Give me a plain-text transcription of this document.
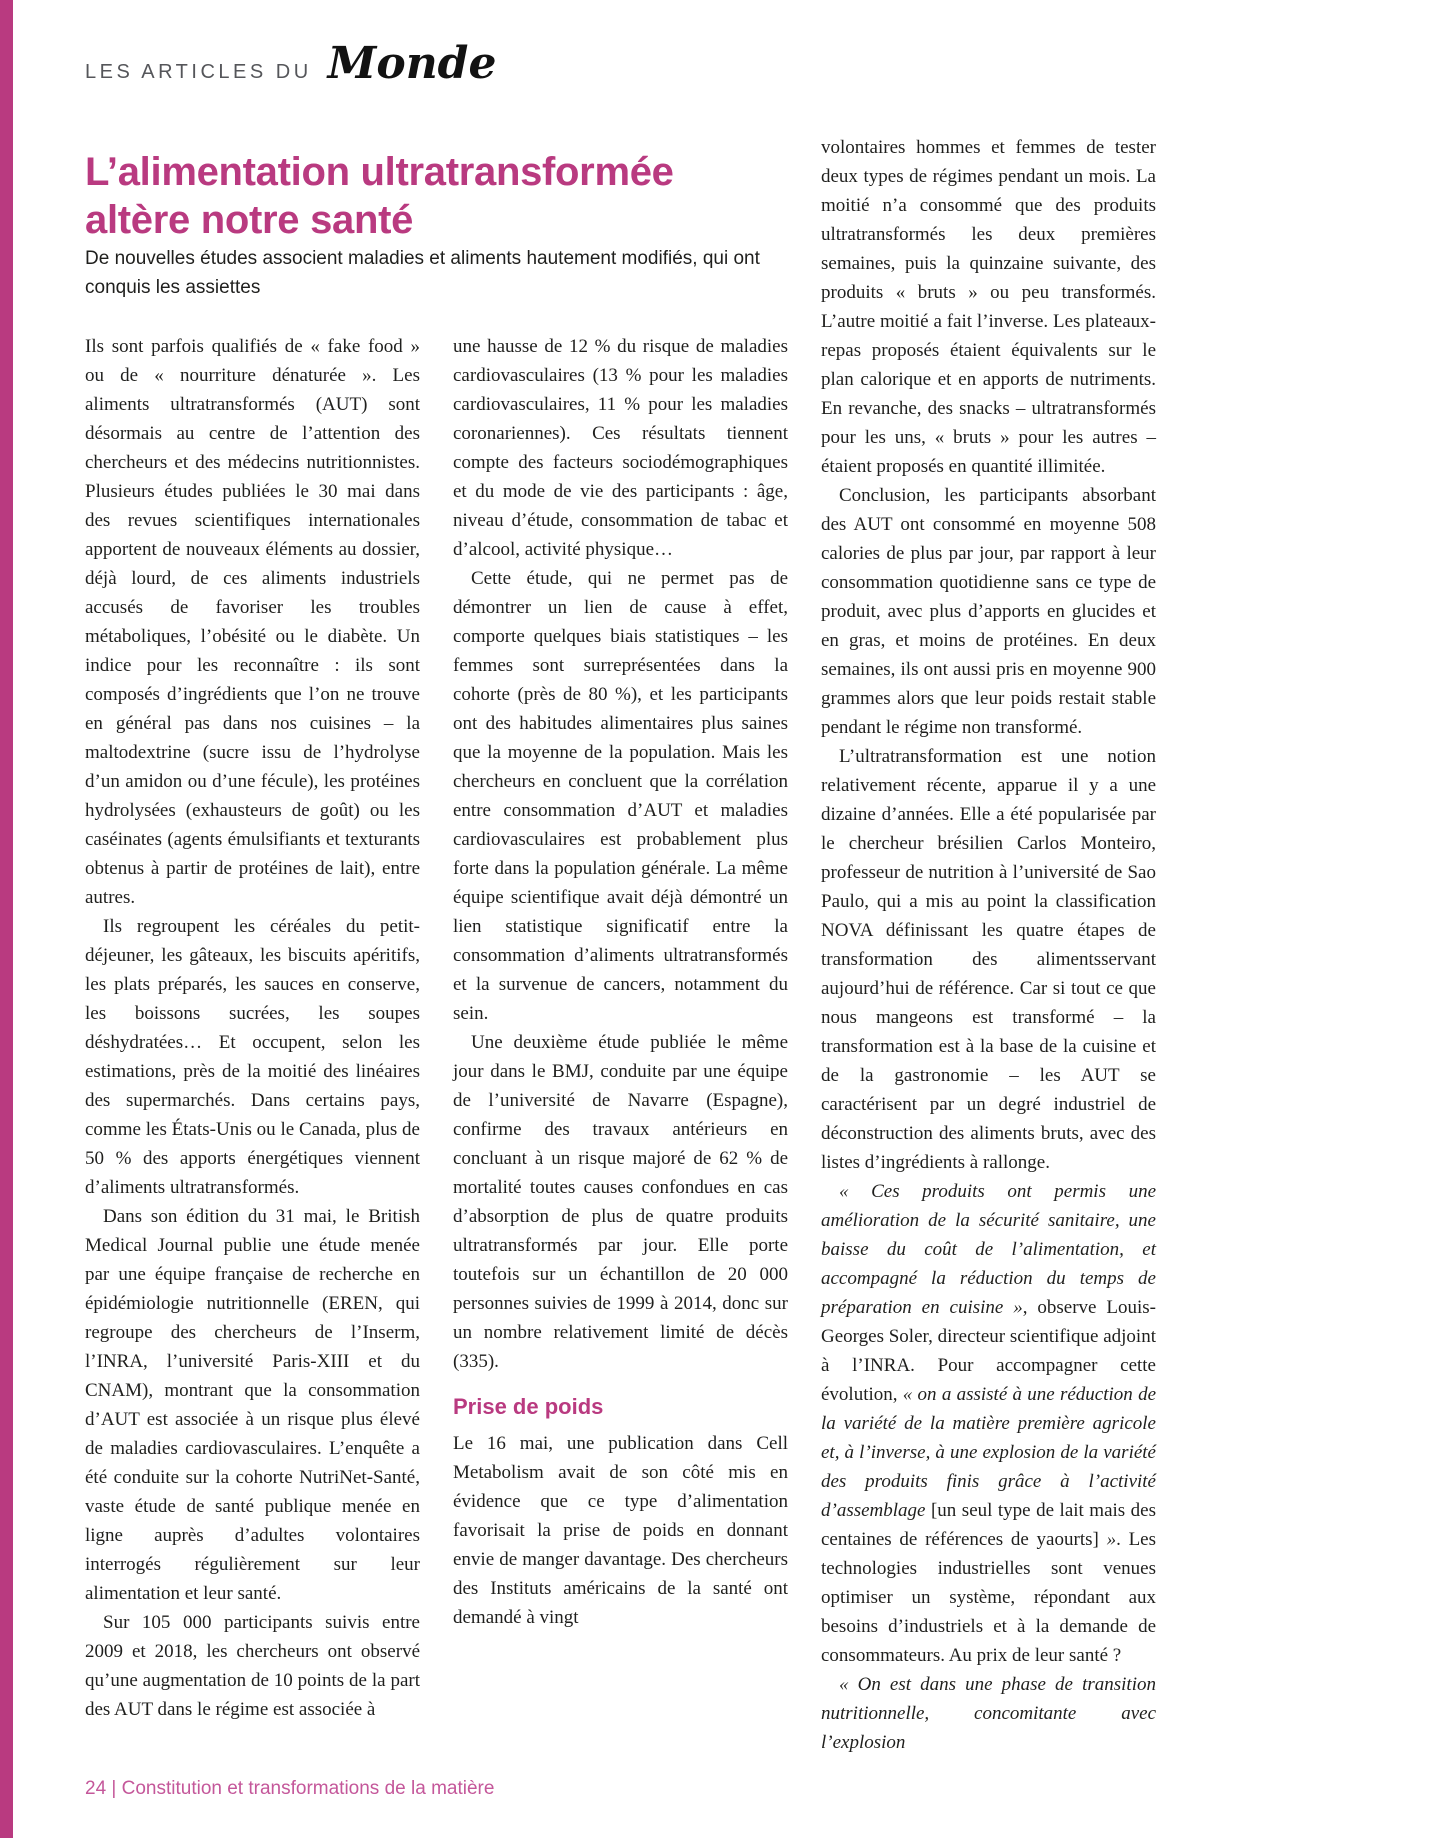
LES ARTICLES DU Monde
L’alimentation ultratransformée altère notre santé

De nouvelles études associent maladies et aliments hautement modifiés, qui ont conquis les assiettes

Ils sont parfois qualifiés de « fake food » ou de « nourriture dénaturée ». Les aliments ultratransformés (AUT) sont désormais au centre de l’attention des chercheurs et des médecins nutritionnistes. Plusieurs études publiées le 30 mai dans des revues scientifiques internationales apportent de nouveaux éléments au dossier, déjà lourd, de ces aliments industriels accusés de favoriser les troubles métaboliques, l’obésité ou le diabète. Un indice pour les reconnaître : ils sont composés d’ingrédients que l’on ne trouve en général pas dans nos cuisines – la maltodextrine (sucre issu de l’hydrolyse d’un amidon ou d’une fécule), les protéines hydrolysées (exhausteurs de goût) ou les caséinates (agents émulsifiants et texturants obtenus à partir de protéines de lait), entre autres.

Ils regroupent les céréales du petit-déjeuner, les gâteaux, les biscuits apéritifs, les plats préparés, les sauces en conserve, les boissons sucrées, les soupes déshydratées… Et occupent, selon les estimations, près de la moitié des linéaires des supermarchés. Dans certains pays, comme les États-Unis ou le Canada, plus de 50 % des apports énergétiques viennent d’aliments ultratransformés.

Dans son édition du 31 mai, le British Medical Journal publie une étude menée par une équipe française de recherche en épidémiologie nutritionnelle (EREN, qui regroupe des chercheurs de l’Inserm, l’INRA, l’université Paris-XIII et du CNAM), montrant que la consommation d’AUT est associée à un risque plus élevé de maladies cardiovasculaires. L’enquête a été conduite sur la cohorte NutriNet-Santé, vaste étude de santé publique menée en ligne auprès d’adultes volontaires interrogés régulièrement sur leur alimentation et leur santé.

Sur 105 000 participants suivis entre 2009 et 2018, les chercheurs ont observé qu’une augmentation de 10 points de la part des AUT dans le régime est associée à

une hausse de 12 % du risque de maladies cardiovasculaires (13 % pour les maladies cardiovasculaires, 11 % pour les maladies coronariennes). Ces résultats tiennent compte des facteurs sociodémographiques et du mode de vie des participants : âge, niveau d’étude, consommation de tabac et d’alcool, activité physique…

Cette étude, qui ne permet pas de démontrer un lien de cause à effet, comporte quelques biais statistiques – les femmes sont surreprésentées dans la cohorte (près de 80 %), et les participants ont des habitudes alimentaires plus saines que la moyenne de la population. Mais les chercheurs en concluent que la corrélation entre consommation d’AUT et maladies cardiovasculaires est probablement plus forte dans la population générale. La même équipe scientifique avait déjà démontré un lien statistique significatif entre la consommation d’aliments ultratransformés et la survenue de cancers, notamment du sein.

Une deuxième étude publiée le même jour dans le BMJ, conduite par une équipe de l’université de Navarre (Espagne), confirme des travaux antérieurs en concluant à un risque majoré de 62 % de mortalité toutes causes confondues en cas d’absorption de plus de quatre produits ultratransformés par jour. Elle porte toutefois sur un échantillon de 20 000 personnes suivies de 1999 à 2014, donc sur un nombre relativement limité de décès (335).

Prise de poids

Le 16 mai, une publication dans Cell Metabolism avait de son côté mis en évidence que ce type d’alimentation favorisait la prise de poids en donnant envie de manger davantage. Des chercheurs des Instituts américains de la santé ont demandé à vingt

volontaires hommes et femmes de tester deux types de régimes pendant un mois. La moitié n’a consommé que des produits ultratransformés les deux premières semaines, puis la quinzaine suivante, des produits « bruts » ou peu transformés. L’autre moitié a fait l’inverse. Les plateaux-repas proposés étaient équivalents sur le plan calorique et en apports de nutriments. En revanche, des snacks – ultratransformés pour les uns, « bruts » pour les autres – étaient proposés en quantité illimitée.

Conclusion, les participants absorbant des AUT ont consommé en moyenne 508 calories de plus par jour, par rapport à leur consommation quotidienne sans ce type de produit, avec plus d’apports en glucides et en gras, et moins de protéines. En deux semaines, ils ont aussi pris en moyenne 900 grammes alors que leur poids restait stable pendant le régime non transformé.

L’ultratransformation est une notion relativement récente, apparue il y a une dizaine d’années. Elle a été popularisée par le chercheur brésilien Carlos Monteiro, professeur de nutrition à l’université de Sao Paulo, qui a mis au point la classification NOVA définissant les quatre étapes de transformation des alimentsservant aujourd’hui de référence. Car si tout ce que nous mangeons est transformé – la transformation est à la base de la cuisine et de la gastronomie – les AUT se caractérisent par un degré industriel de déconstruction des aliments bruts, avec des listes d’ingrédients à rallonge.

« Ces produits ont permis une amélioration de la sécurité sanitaire, une baisse du coût de l’alimentation, et accompagné la réduction du temps de préparation en cuisine », observe Louis-Georges Soler, directeur scientifique adjoint à l’INRA. Pour accompagner cette évolution, « on a assisté à une réduction de la variété de la matière première agricole et, à l’inverse, à une explosion de la variété des produits finis grâce à l’activité d’assemblage [un seul type de lait mais des centaines de références de yaourts] ». Les technologies industrielles sont venues optimiser un système, répondant aux besoins d’industriels et à la demande de consommateurs. Au prix de leur santé ?

« On est dans une phase de transition nutritionnelle, concomitante avec l’explosion

24 | Constitution et transformations de la matière
